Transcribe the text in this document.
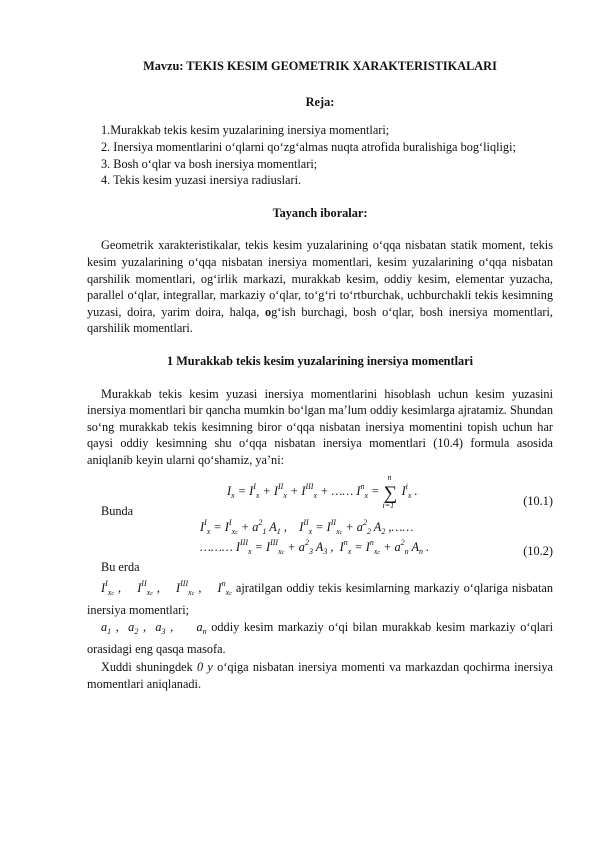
Mavzu: TEKIS KESIM GEOMETRIK XARAKTERISTIKALARI

Reja:

1.Murakkab tekis kesim yuzalarining inersiya momentlari;

2. Inersiya momentlarini o‘qlarni qo‘zg‘almas nuqta atrofida buralishiga bog‘liqligi;

3. Bosh o‘qlar va bosh inersiya momentlari;

4. Tekis kesim yuzasi inersiya radiuslari.

Tayanch iboralar:

Geometrik xarakteristikalar, tekis kesim yuzalarining o‘qqa nisbatan statik moment, tekis kesim yuzalarining o‘qqa nisbatan inersiya momentlari, kesim yuzalarining o‘qqa nisbatan qarshilik momentlari, og‘irlik markazi, murakkab kesim, oddiy kesim, elementar yuzacha, parallel o‘qlar, integrallar, markaziy o‘qlar, to‘g‘ri to‘rtburchak, uchburchakli tekis kesimning yuzasi, doira, yarim doira, halqa, og‘ish burchagi, bosh o‘qlar, bosh inersiya momentlari, qarshilik momentlari.

1 Murakkab tekis kesim yuzalarining inersiya momentlari

Murakkab tekis kesim yuzasi inersiya momentlarini hisoblash uchun kesim yuzasini inersiya momentlari bir qancha mumkin bo‘lgan ma’lum oddiy kesimlarga ajratamiz. Shundan so‘ng murakkab tekis kesimning biror o‘qqa nisbatan inersiya momentini topish uchun har qaysi oddiy kesimning shu o‘qqa nisbatan inersiya momentlari (10.4) formula asosida aniqlanib keyin ularni qo‘shamiz, ya’ni:

$I_x = I^I_x + I^{II}_x + I^{III}_x$ + …… $I^n_x$ =
n
∑
i=1
$I^i_x$ .
(10.1)

Bunda

$I^I_x = I^I_{xc} + a^2_1$ $A_1$ ,    $I^{II}_x = I^{II}_{xc} + a^2_2$ $A_2$ ,……
……… $I^{III}_x = I^{III}_{xc} + a^2_3$ $A_3$ ,  $I^n_x = I^n_{xc} + a^2_n$ $A_n$ .	(10.2)

Bu erda

$I^I_{xc}$ ,    $I^{II}_{xc}$ ,    $I^{III}_{xc}$ ,    $I^n_{xc}$ ajratilgan oddiy tekis kesimlarning markaziy o‘qlariga nisbatan inersiya momentlari;

$a_1$ ,  $a_2$ ,  $a_3$ ,     $a_n$ oddiy kesim markaziy o‘qi bilan murakkab kesim markaziy o‘qlari orasidagi eng qasqa masofa.

Xuddi shuningdek 0 y o‘qiga nisbatan inersiya momenti va markazdan qochirma inersiya momentlari aniqlanadi.
